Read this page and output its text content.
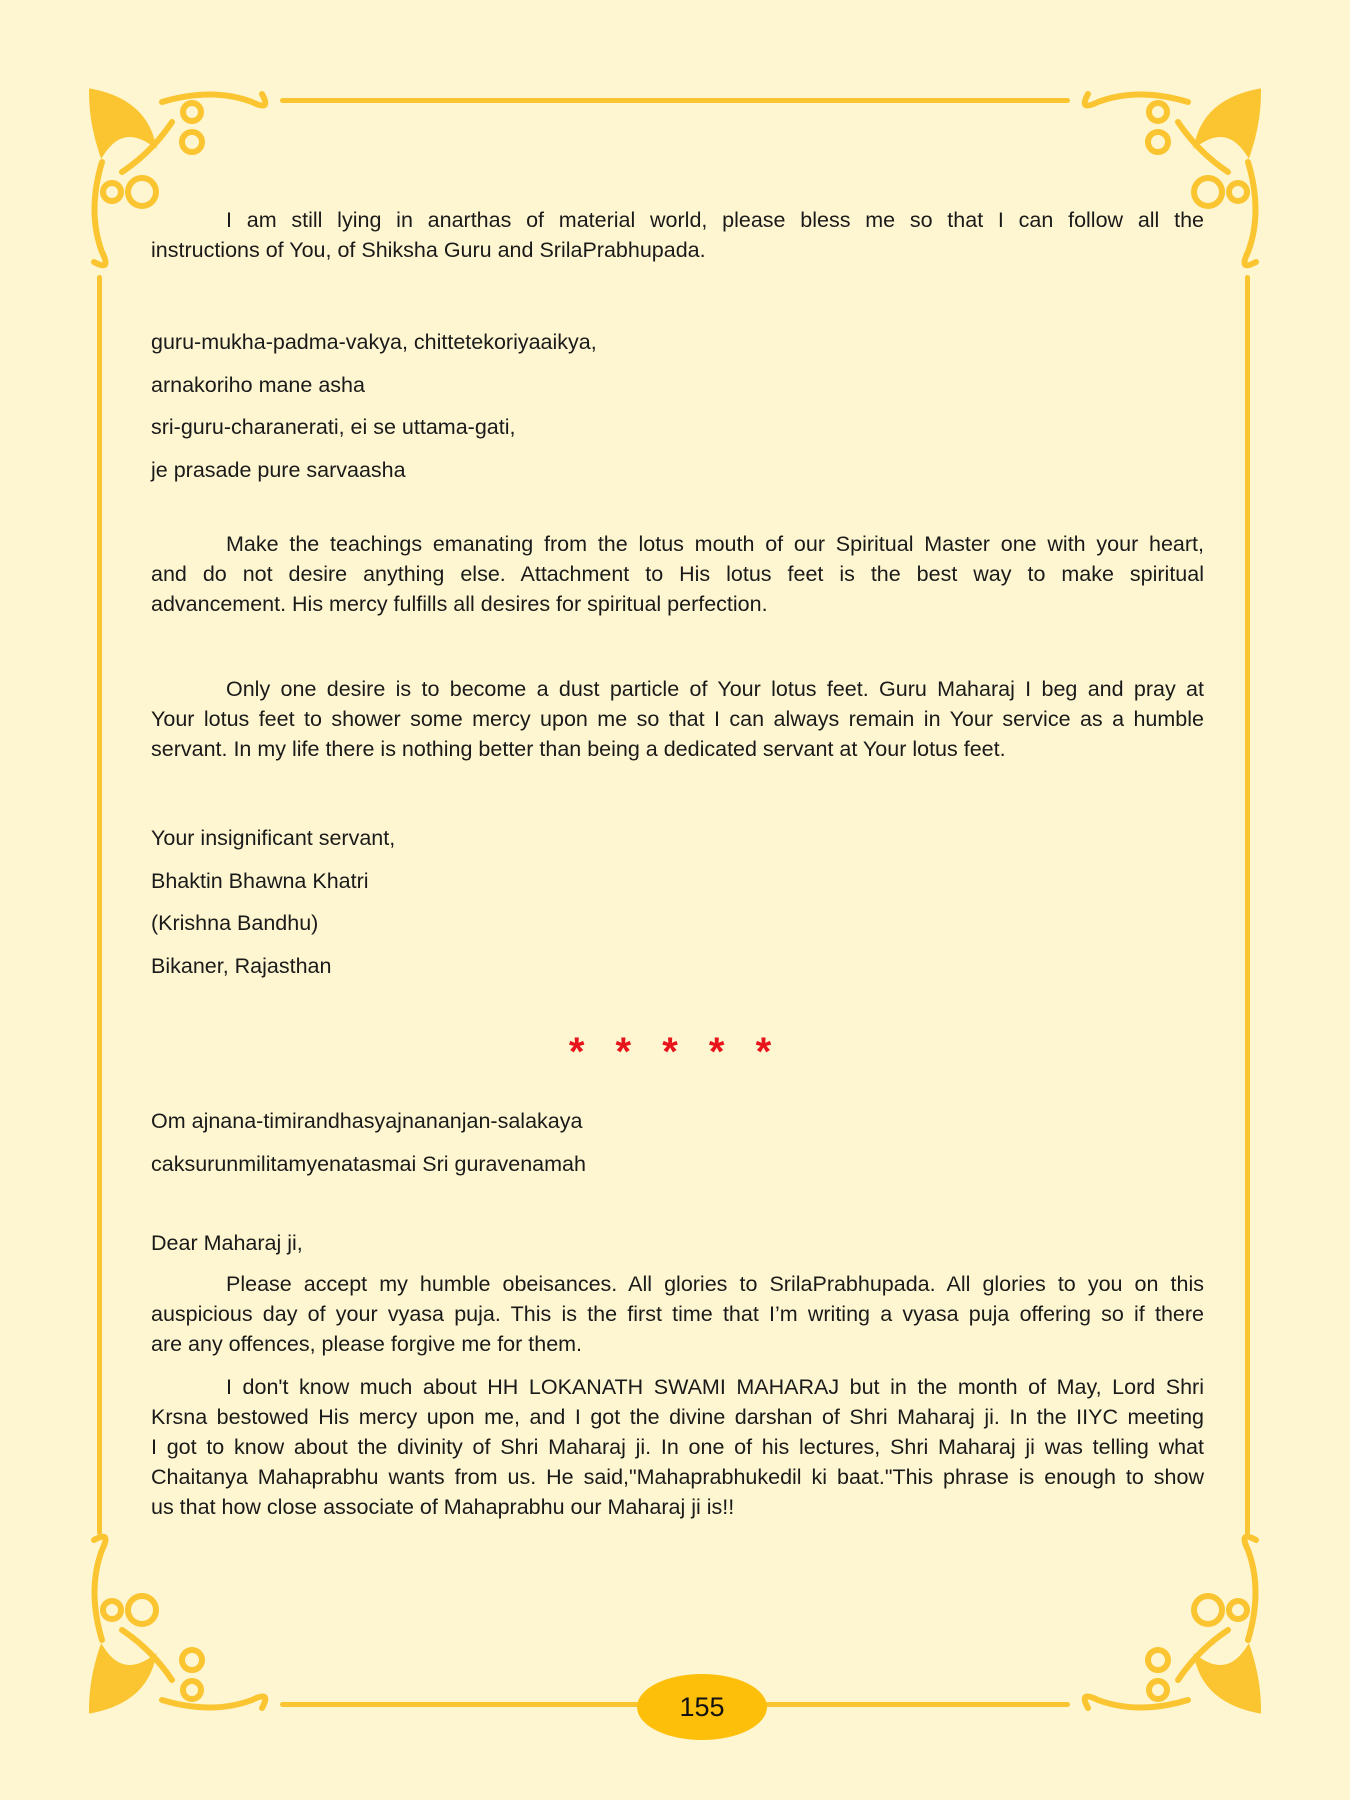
I am still lying in anarthas of material world, please bless me so that I can follow all the
instructions of You, of Shiksha Guru and SrilaPrabhupada.
guru-mukha-padma-vakya, chittetekoriyaaikya,
arnakoriho mane asha
sri-guru-charanerati, ei se uttama-gati,
je prasade pure sarvaasha
Make the teachings emanating from the lotus mouth of our Spiritual Master one with your heart,
and do not desire anything else. Attachment to His lotus feet is the best way to make spiritual
advancement. His mercy fulfills all desires for spiritual perfection.
Only one desire is to become a dust particle of Your lotus feet. Guru Maharaj I beg and pray at
Your lotus feet to shower some mercy upon me so that I can always remain in Your service as a humble
servant. In my life there is nothing better than being a dedicated servant at Your lotus feet.
Your insignificant servant,
Bhaktin Bhawna Khatri
(Krishna Bandhu)
Bikaner, Rajasthan
* * * * *
Om ajnana-timirandhasyajnananjan-salakaya
caksurunmilitamyenatasmai Sri guravenamah
Dear Maharaj ji,
Please accept my humble obeisances. All glories to SrilaPrabhupada. All glories to you on this
auspicious day of your vyasa puja. This is the first time that I’m writing a vyasa puja offering so if there
are any offences, please forgive me for them.
I don't know much about HH LOKANATH SWAMI MAHARAJ but in the month of May, Lord Shri
Krsna bestowed His mercy upon me, and I got the divine darshan of Shri Maharaj ji. In the IIYC meeting
I got to know about the divinity of Shri Maharaj ji. In one of his lectures, Shri Maharaj ji was telling what
Chaitanya Mahaprabhu wants from us. He said,"Mahaprabhukedil ki baat."This phrase is enough to show
us that how close associate of Mahaprabhu our Maharaj ji is!!
155
